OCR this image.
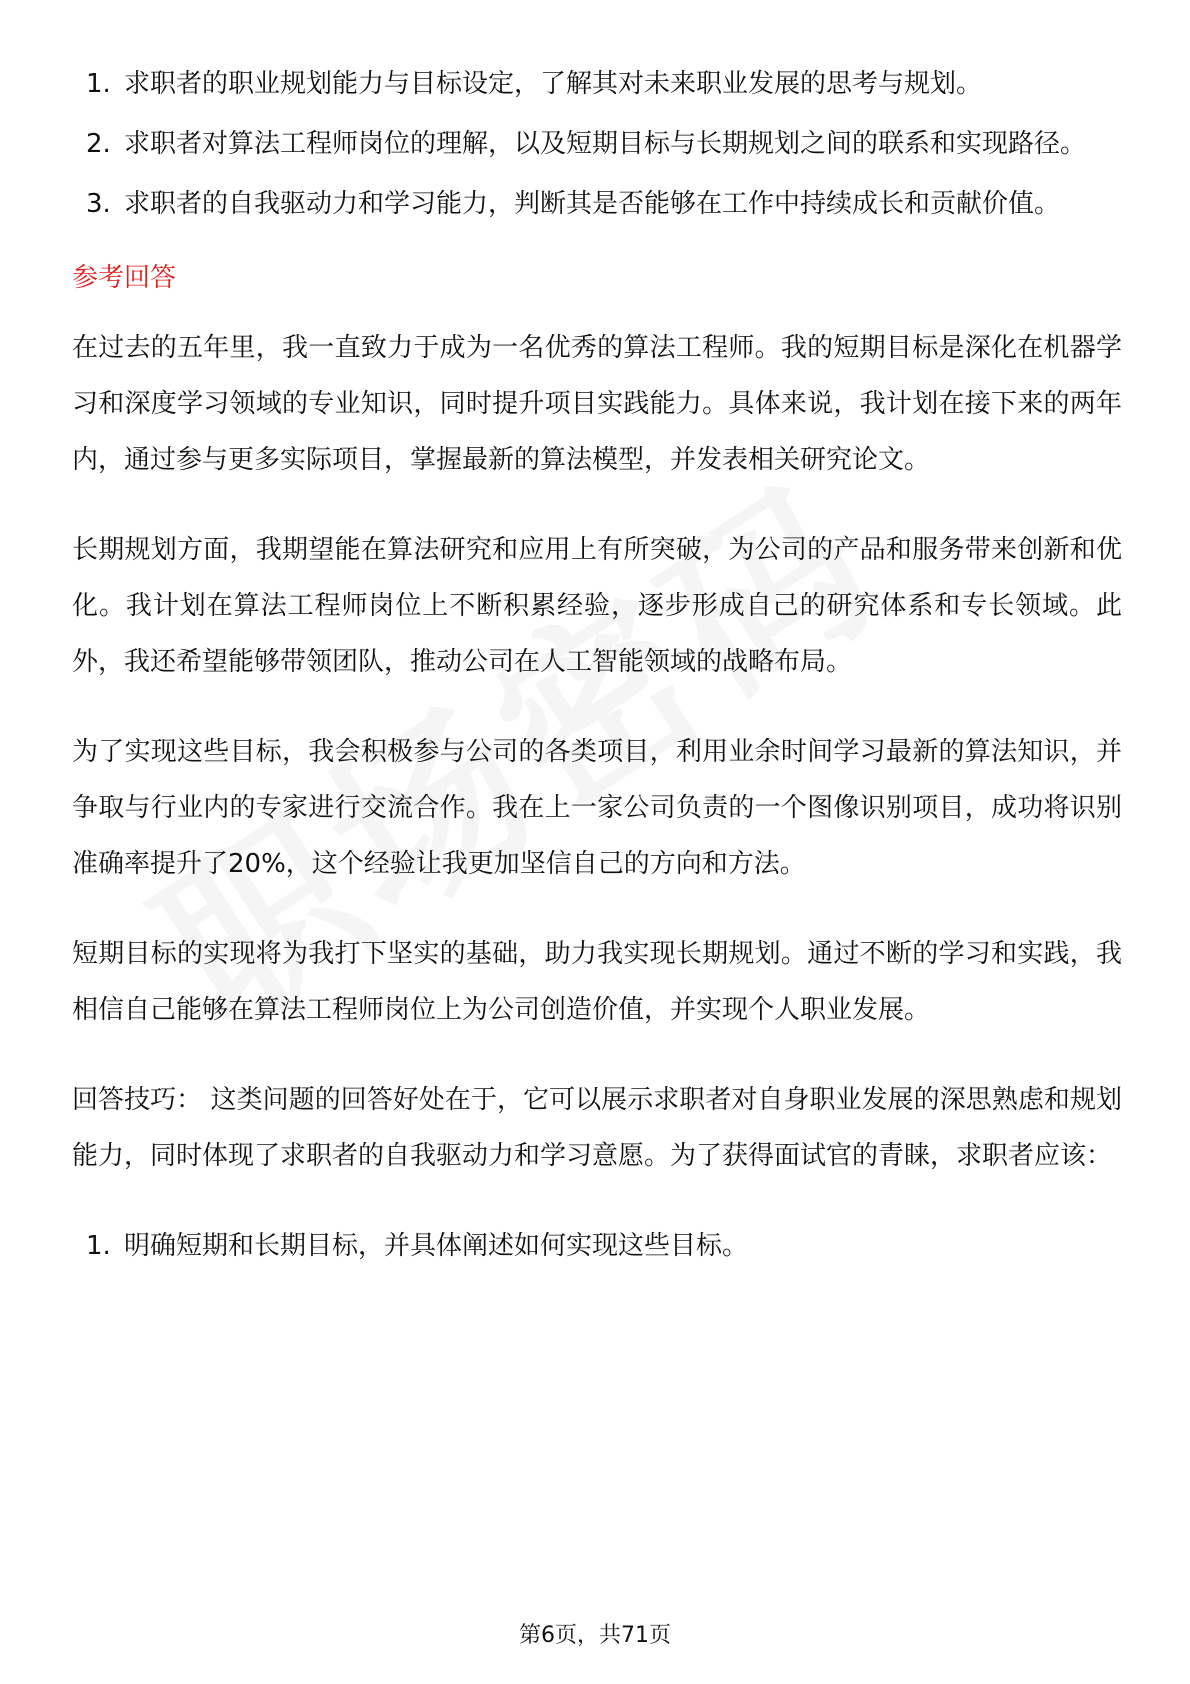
1. 求职者的职业规划能力与目标设定，了解其对未来职业发展的思考与规划。
2. 求职者对算法工程师岗位的理解，以及短期目标与长期规划之间的联系和实现路径。
3. 求职者的自我驱动力和学习能力，判断其是否能够在工作中持续成长和贡献价值。
参考回答

在过去的五年里，我一直致力于成为一名优秀的算法工程师。我的短期目标是深化在机器学习和深度学习领域的专业知识，同时提升项目实践能力。具体来说，我计划在接下来的两年内，通过参与更多实际项目，掌握最新的算法模型，并发表相关研究论文。

长期规划方面，我期望能在算法研究和应用上有所突破，为公司的产品和服务带来创新和优化。我计划在算法工程师岗位上不断积累经验，逐步形成自己的研究体系和专长领域。此外，我还希望能够带领团队，推动公司在人工智能领域的战略布局。

为了实现这些目标，我会积极参与公司的各类项目，利用业余时间学习最新的算法知识，并争取与行业内的专家进行交流合作。我在上一家公司负责的一个图像识别项目，成功将识别准确率提升了20%，这个经验让我更加坚信自己的方向和方法。

短期目标的实现将为我打下坚实的基础，助力我实现长期规划。通过不断的学习和实践，我相信自己能够在算法工程师岗位上为公司创造价值，并实现个人职业发展。

回答技巧： 这类问题的回答好处在于，它可以展示求职者对自身职业发展的深思熟虑和规划能力，同时体现了求职者的自我驱动力和学习意愿。为了获得面试官的青睐，求职者应该：

1. 明确短期和长期目标，并具体阐述如何实现这些目标。
第6页，共71页
